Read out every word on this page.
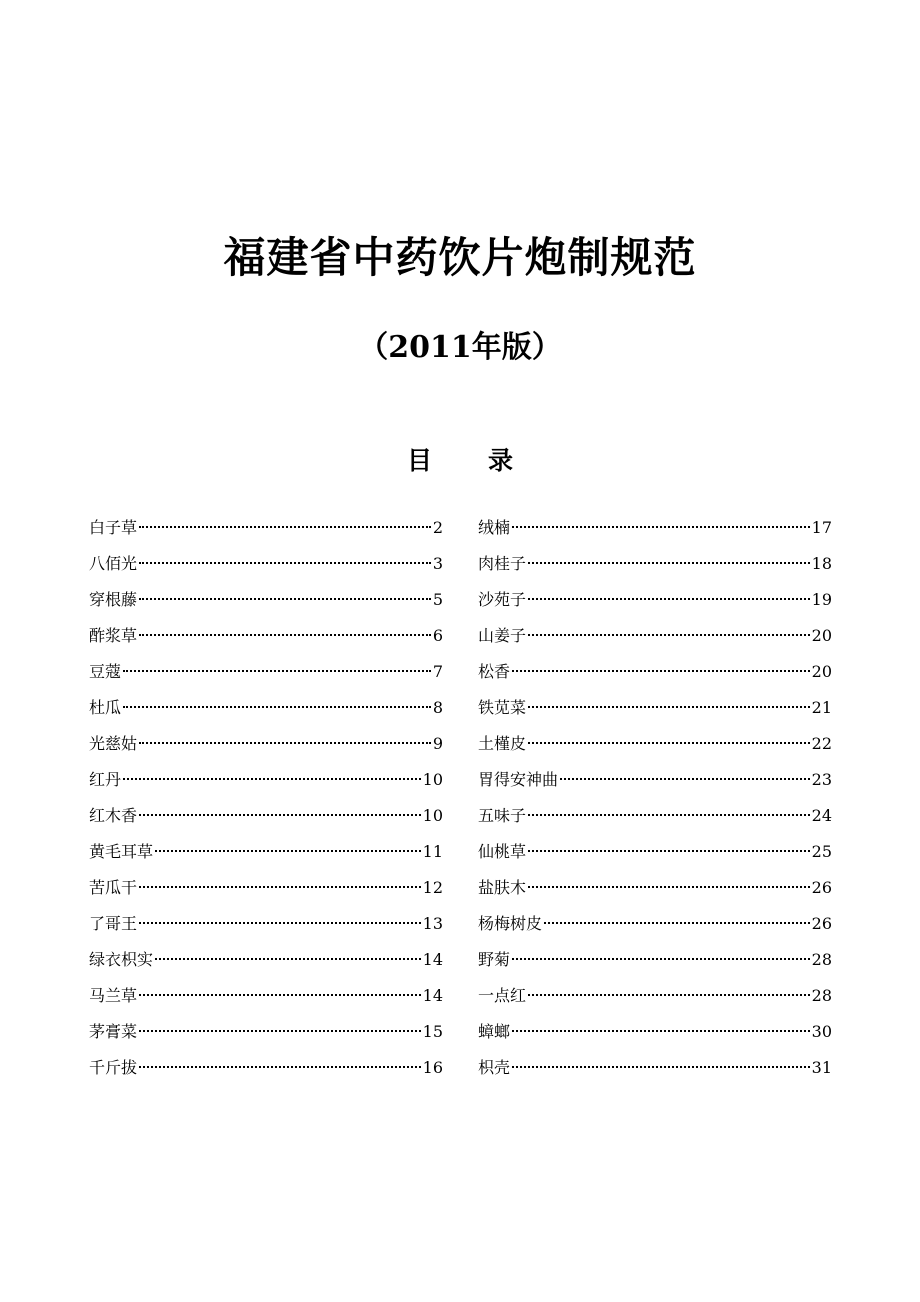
福建省中药饮片炮制规范
（2011年版）
目 录
白子草	2
八佰光	3
穿根藤	5
酢浆草	6
豆蔻	7
杜瓜	8
光慈姑	9
红丹	10
红木香	10
黄毛耳草	11
苦瓜干	12
了哥王	13
绿衣枳实	14
马兰草	14
茅膏菜	15
千斤拔	16
绒楠	17
肉桂子	18
沙苑子	19
山姜子	20
松香	20
铁苋菜	21
土槿皮	22
胃得安神曲	23
五味子	24
仙桃草	25
盐肤木	26
杨梅树皮	26
野菊	28
一点红	28
蟑螂	30
枳壳	31
